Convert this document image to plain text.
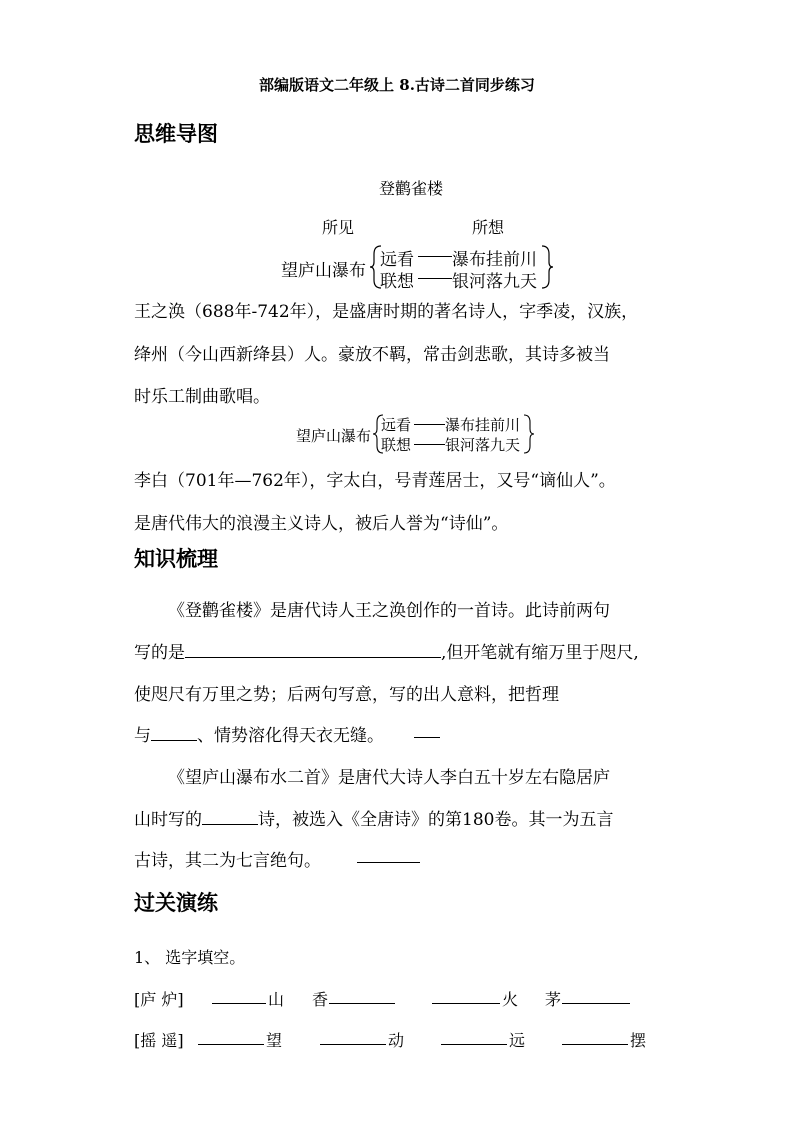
部编版语文二年级上 8.古诗二首同步练习
思维导图
登鹳雀楼
所见	所想
望庐山瀑布
远看 瀑布挂前川
联想 银河落九天
王之涣（688年-742年），是盛唐时期的著名诗人，字季凌，汉族，
绛州（今山西新绛县）人。豪放不羁，常击剑悲歌，其诗多被当
时乐工制曲歌唱。
望庐山瀑布
远看 瀑布挂前川
联想 银河落九天
李白（701年—762年），字太白，号青莲居士，又号“谪仙人”。
是唐代伟大的浪漫主义诗人，被后人誉为“诗仙”。
知识梳理
《登鹳雀楼》是唐代诗人王之涣创作的一首诗。此诗前两句
写的是	,但开笔就有缩万里于咫尺,
使咫尺有万里之势；后两句写意，写的出人意料，把哲理
与	、情势溶化得天衣无缝。
《望庐山瀑布水二首》是唐代大诗人李白五十岁左右隐居庐
山时写的	诗，被选入《全唐诗》的第180卷。其一为五言
古诗，其二为七言绝句。
过关演练
1、 选字填空。
[庐 炉]	山 香	火 茅
[摇 遥]	望	动	远	摆
